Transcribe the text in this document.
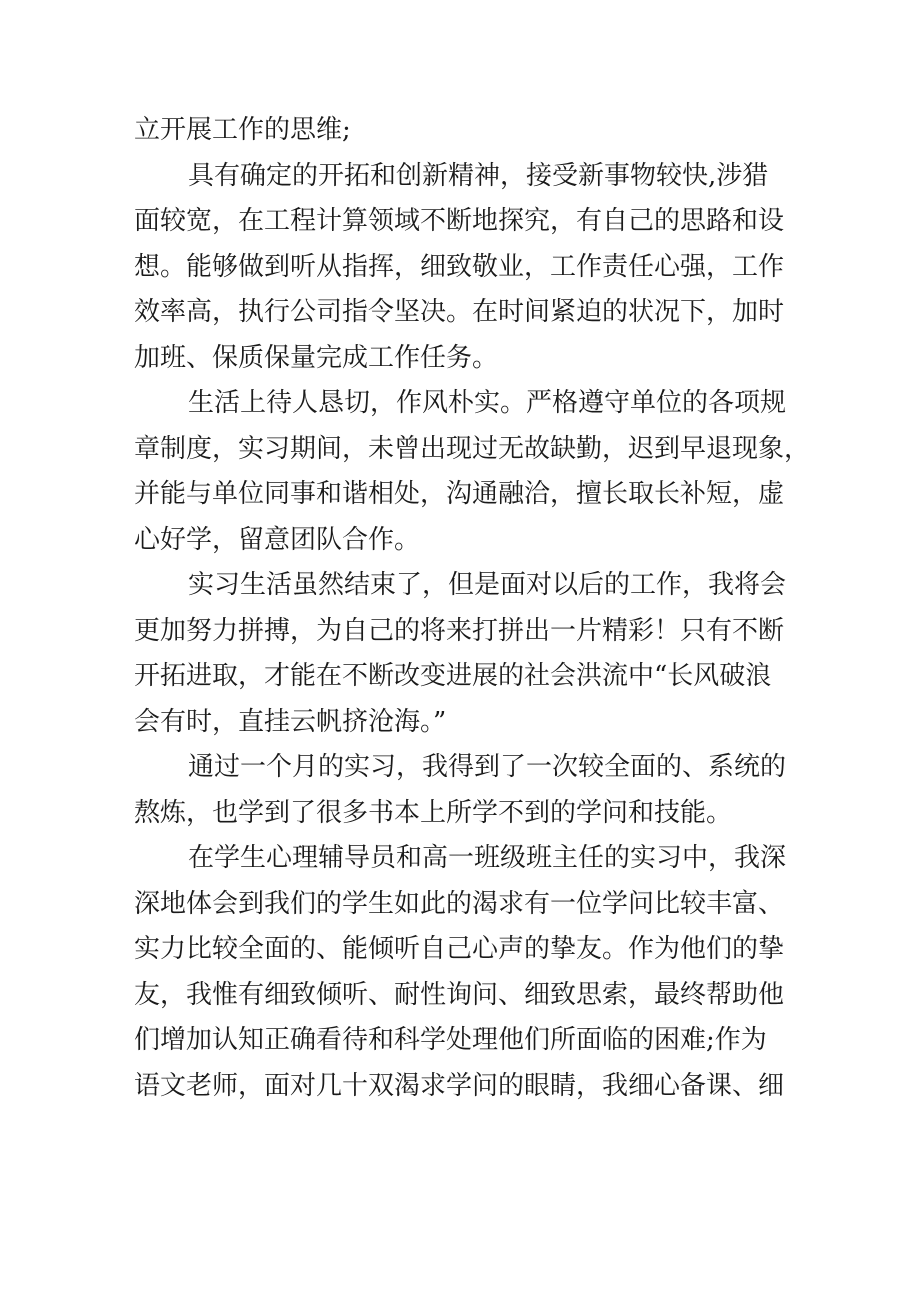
立开展工作的思维;
具有确定的开拓和创新精神，接受新事物较快,涉猎
面较宽，在工程计算领域不断地探究，有自己的思路和设
想。能够做到听从指挥，细致敬业，工作责任心强，工作
效率高，执行公司指令坚决。在时间紧迫的状况下，加时
加班、保质保量完成工作任务。
生活上待人恳切，作风朴实。严格遵守单位的各项规
章制度，实习期间，未曾出现过无故缺勤，迟到早退现象，
并能与单位同事和谐相处，沟通融洽，擅长取长补短，虚
心好学，留意团队合作。
实习生活虽然结束了，但是面对以后的工作，我将会
更加努力拼搏，为自己的将来打拼出一片精彩！只有不断
开拓进取，才能在不断改变进展的社会洪流中“长风破浪
会有时，直挂云帆挤沧海。”
通过一个月的实习，我得到了一次较全面的、系统的
熬炼，也学到了很多书本上所学不到的学问和技能。
在学生心理辅导员和高一班级班主任的实习中，我深
深地体会到我们的学生如此的渴求有一位学问比较丰富、
实力比较全面的、能倾听自己心声的挚友。作为他们的挚
友，我惟有细致倾听、耐性询问、细致思索，最终帮助他
们增加认知正确看待和科学处理他们所面临的困难;作为
语文老师，面对几十双渴求学问的眼睛，我细心备课、细
